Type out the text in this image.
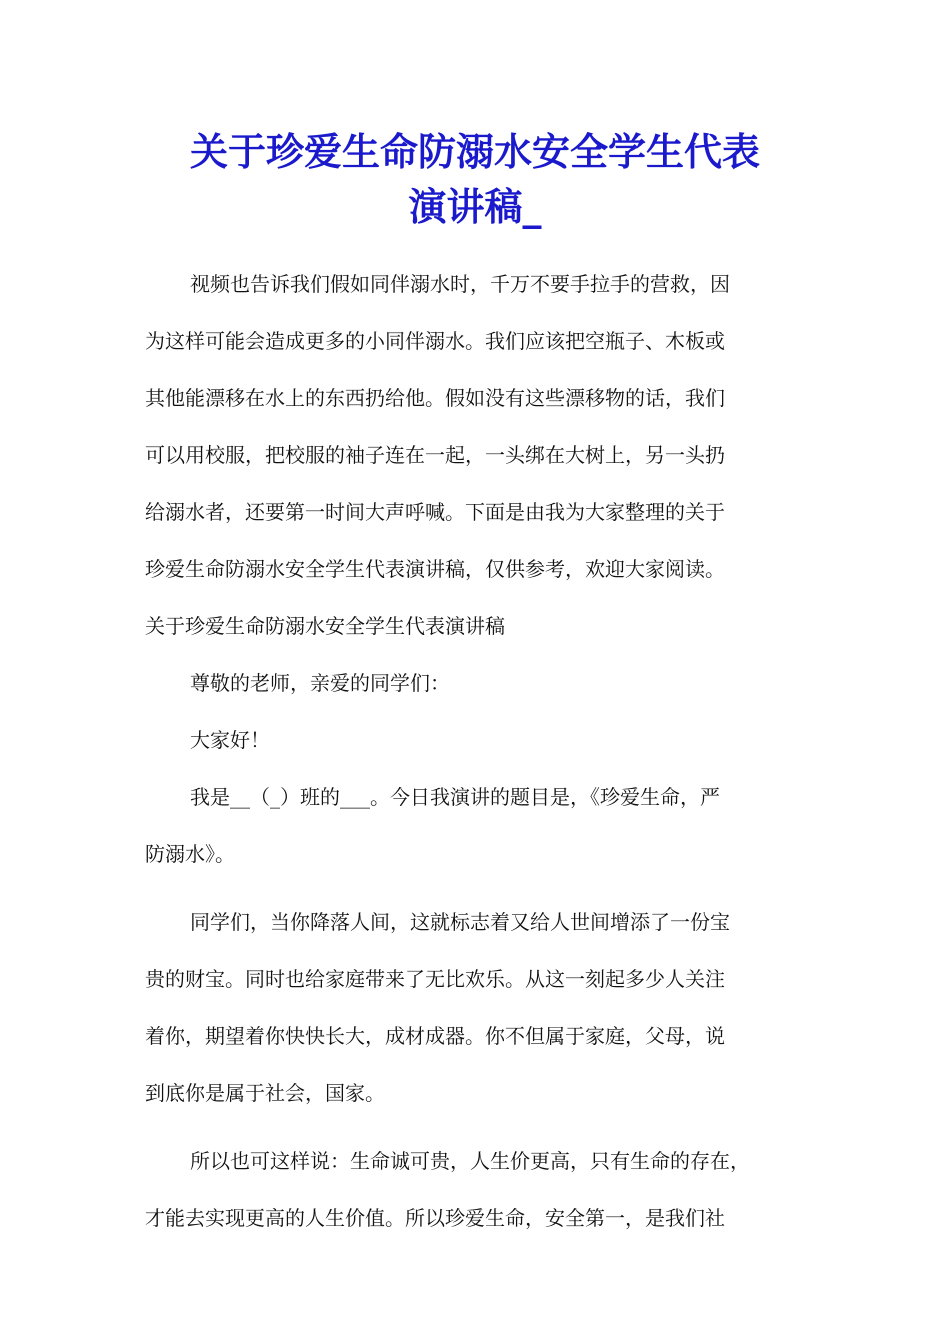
关于珍爱生命防溺水安全学生代表
演讲稿_
视频也告诉我们假如同伴溺水时，千万不要手拉手的营救，因
为这样可能会造成更多的小同伴溺水。我们应该把空瓶子、木板或
其他能漂移在水上的东西扔给他。假如没有这些漂移物的话，我们
可以用校服，把校服的袖子连在一起，一头绑在大树上，另一头扔
给溺水者，还要第一时间大声呼喊。下面是由我为大家整理的关于
珍爱生命防溺水安全学生代表演讲稿，仅供参考，欢迎大家阅读。
关于珍爱生命防溺水安全学生代表演讲稿
尊敬的老师，亲爱的同学们：
大家好！
我是__（_）班的___。今日我演讲的题目是，《珍爱生命，严
防溺水》。
同学们，当你降落人间，这就标志着又给人世间增添了一份宝
贵的财宝。同时也给家庭带来了无比欢乐。从这一刻起多少人关注
着你，期望着你快快长大，成材成器。你不但属于家庭，父母，说
到底你是属于社会，国家。
所以也可这样说：生命诚可贵，人生价更高，只有生命的存在，
才能去实现更高的人生价值。所以珍爱生命，安全第一，是我们社
